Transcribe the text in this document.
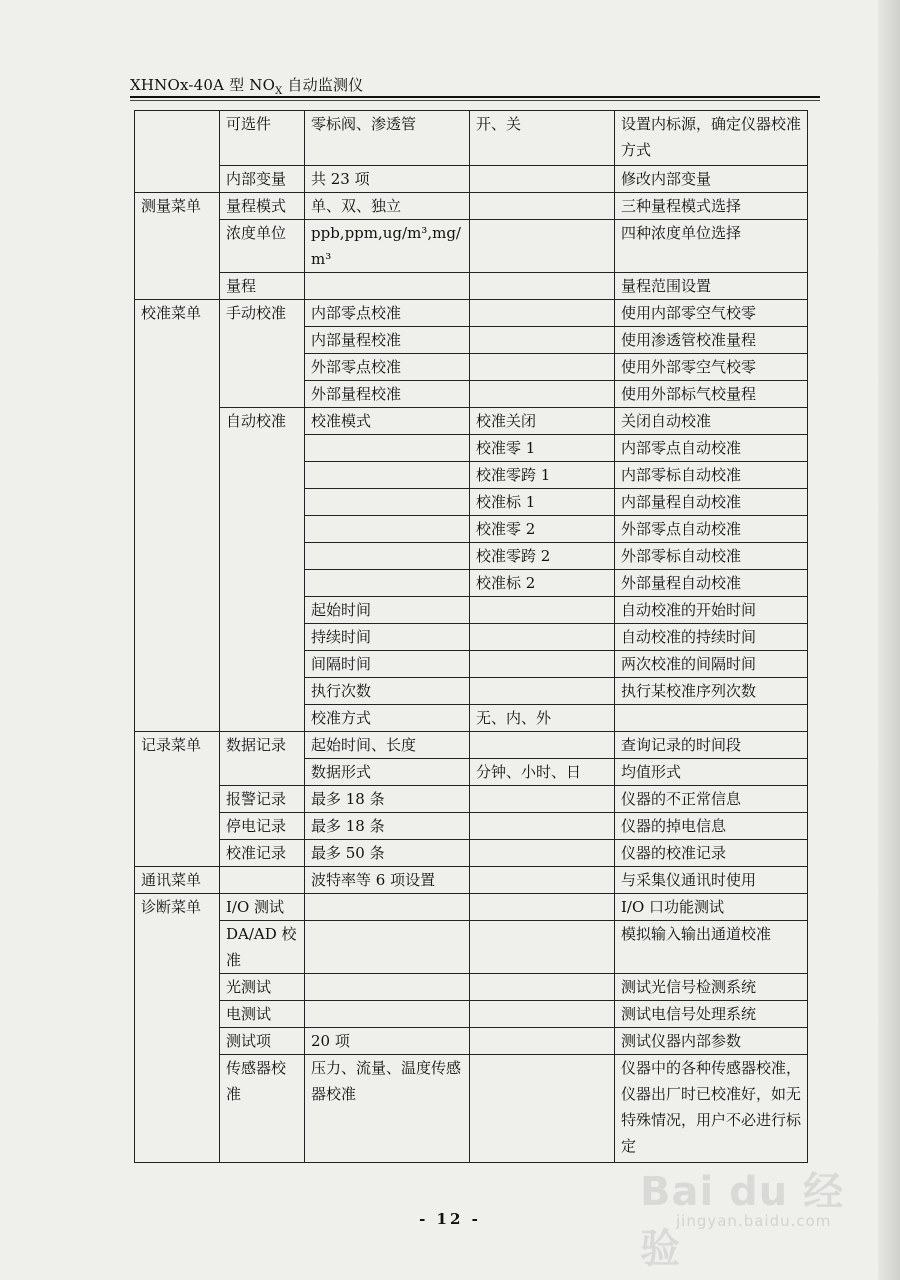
XHNOx-40A 型 $NO_X$ 自动监测仪
	可选件	零标阀、渗透管	开、关	设置内标源，确定仪器校准方式
	内部变量	共 23 项		修改内部变量
测量菜单	量程模式	单、双、独立		三种量程模式选择
	浓度单位	ppb,ppm,ug/m³,mg/m³		四种浓度单位选择
	量程			量程范围设置
校准菜单	手动校准	内部零点校准		使用内部零空气校零
		内部量程校准		使用渗透管校准量程
		外部零点校准		使用外部零空气校零
		外部量程校准		使用外部标气校量程
	自动校准	校准模式	校准关闭	关闭自动校准
			校准零 1	内部零点自动校准
			校准零跨 1	内部零标自动校准
			校准标 1	内部量程自动校准
			校准零 2	外部零点自动校准
			校准零跨 2	外部零标自动校准
			校准标 2	外部量程自动校准
		起始时间		自动校准的开始时间
		持续时间		自动校准的持续时间
		间隔时间		两次校准的间隔时间
		执行次数		执行某校准序列次数
		校准方式	无、内、外	
记录菜单	数据记录	起始时间、长度		查询记录的时间段
		数据形式	分钟、小时、日	均值形式
	报警记录	最多 18 条		仪器的不正常信息
	停电记录	最多 18 条		仪器的掉电信息
	校准记录	最多 50 条		仪器的校准记录
通讯菜单		波特率等 6 项设置		与采集仪通讯时使用
诊断菜单	I/O 测试			I/O 口功能测试
	DA/AD 校准			模拟输入输出通道校准
	光测试			测试光信号检测系统
	电测试			测试电信号处理系统
	测试项	20 项		测试仪器内部参数
	传感器校准	压力、流量、温度传感器校准		仪器中的各种传感器校准，仪器出厂时已校准好，如无特殊情况，用户不必进行标定
- 12 -
Bai du 经验
jingyan.baidu.com
